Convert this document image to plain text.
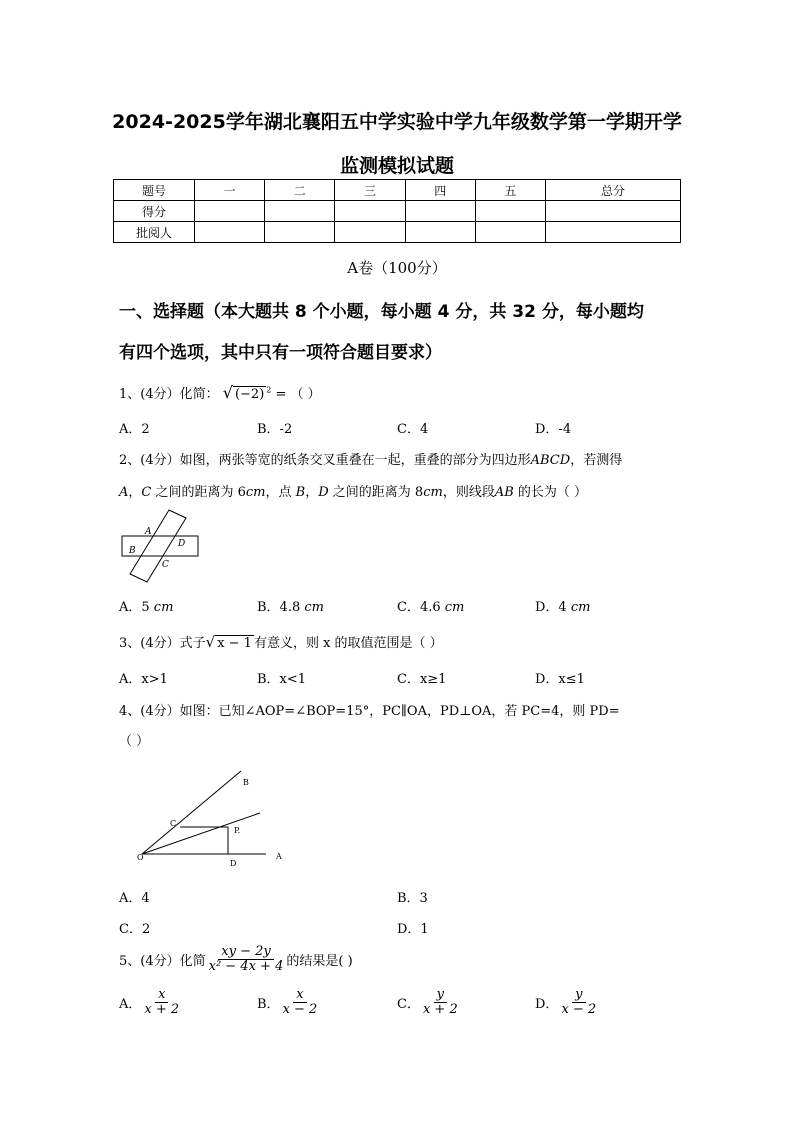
2024-2025学年湖北襄阳五中学实验中学九年级数学第一学期开学
监测模拟试题
题号	一	二	三	四	五	总分
得分						
批阅人						
A卷（100分）
一、选择题（本大题共 8 个小题，每小题 4 分，共 32 分，每小题均
有四个选项，其中只有一项符合题目要求）
1、(4分）化简： √ (−2) $^2$ = （ ）
A．2	B．-2	C．4	D．-4
2、(4分）如图，两张等宽的纸条交叉重叠在一起，重叠的部分为四边形ABCD，若测得
A，C 之间的距离为 6cm，点 B，D 之间的距离为 8cm，则线段AB 的长为（ ）
A
B
D
C
A．5 cm	B．4.8 cm	C．4.6 cm	D．4 cm
3、(4分）式子√ x − 1 有意义，则 x 的取值范围是（ ）
A．x>1	B．x<1	C．x≥1	D．x≤1
4、(4分）如图：已知∠AOP=∠BOP=15°，PC∥OA，PD⊥OA，若 PC=4，则 PD=
（ ）
B
C
P.
O
D
A
A．4	B．3
C．2	D．1
5、(4分）化简 $\frac{xy - 2y}{\text{x² − 4x + 4}}$ 的结果是( )
A． $\frac{x}{x + 2}$	B． $\frac{x}{x - 2}$	C． $\frac{y}{x + 2}$	D． $\frac{y}{x - 2}$
